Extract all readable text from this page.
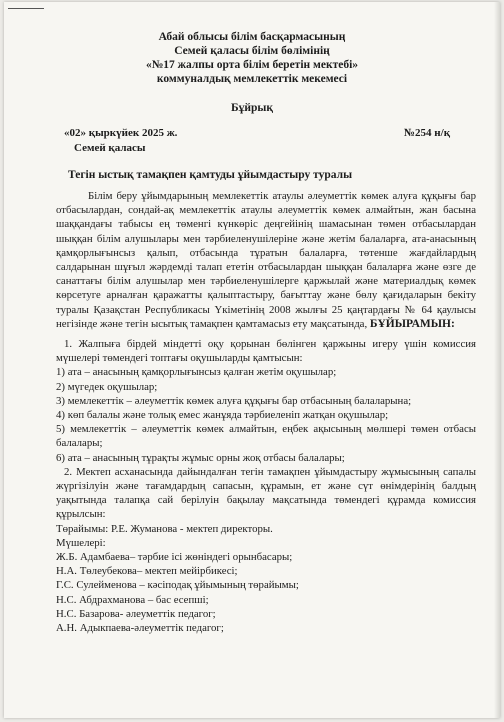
Абай облысы білім басқармасының
Семей қаласы білім бөлімінің
«№17 жалпы орта білім беретін мектебі»
коммуналдық мемлекеттік мекемесі
Бұйрық
«02» қыркүйек 2025 ж.	№254 н/қ
Семей қаласы
Тегін ыстық тамақпен қамтуды ұйымдастыру туралы

Білім беру ұйымдарының мемлекеттік атаулы әлеуметтік көмек алуға құқығы бар отбасылардан, сондай-ақ мемлекеттік атаулы әлеуметтік көмек алмайтын, жан басына шаққандағы табысы ең төменгі күнкөріс деңгейінің шамасынан төмен отбасылардан шыққан білім алушылары мен тәрбиеленушілеріне және жетім балаларға, ата-анасының қамқорлығынсыз қалып, отбасында тұратын балаларға, төтенше жағдайлардың салдарынан шұғыл жәрдемді талап ететін отбасылардан шыққан балаларға және өзге де санаттағы білім алушылар мен тәрбиеленушілерге қаржылай және материалдық көмек көрсетуге арналған қаражатты қалыптастыру, бағыттау және бөлу қағидаларын бекіту туралы Қазақстан Республикасы Үкіметінің 2008 жылғы 25 қаңтардағы № 64 қаулысы негізінде және тегін ысытық тамақпен қамтамасыз ету мақсатында, БҰЙЫРАМЫН:

1. Жалпыға бірдей міндетті оқу қорынан бөлінген қаржыны игеру үшін комиссия мүшелері төмендегі топтағы оқушыларды қамтысын:

1) ата – анасының қамқорлығынсыз қалған жетім оқушылар;

2) мүгедек оқушылар;

3) мемлекеттік – әлеуметтік көмек алуға құқығы бар отбасының балаларына;

4) көп балалы және толық емес жанұяда тәрбиеленіп жатқан оқушылар;

5) мемлекеттік – әлеуметтік көмек алмайтын, еңбек ақысының мөлшері төмен отбасы балалары;

6) ата – анасының тұрақты жұмыс орны жоқ отбасы балалары;

2. Мектеп асханасында дайындалған тегін тамақпен ұйымдастыру жұмысының сапалы жүргізілуін және тағамдардың сапасын, құрамын, ет және сүт өнімдерінің балдың уақытында талапқа сай берілуін бақылау мақсатында төмендегі құрамда комиссия құрылсын:

Төрайымы: Р.Е. Жуманова - мектеп директоры.

Мүшелері:

Ж.Б. Адамбаева– тәрбие ісі жөніндегі орынбасары;

Н.А. Төлеубекова– мектеп мейірбикесі;

Г.С. Сулейменова – кәсіподақ ұйымының төрайымы;

Н.С. Абдрахманова – бас есепші;

Н.С. Базарова- әлеуметтік педагог;

А.Н. Адыкпаева-әлеуметтік педагог;
